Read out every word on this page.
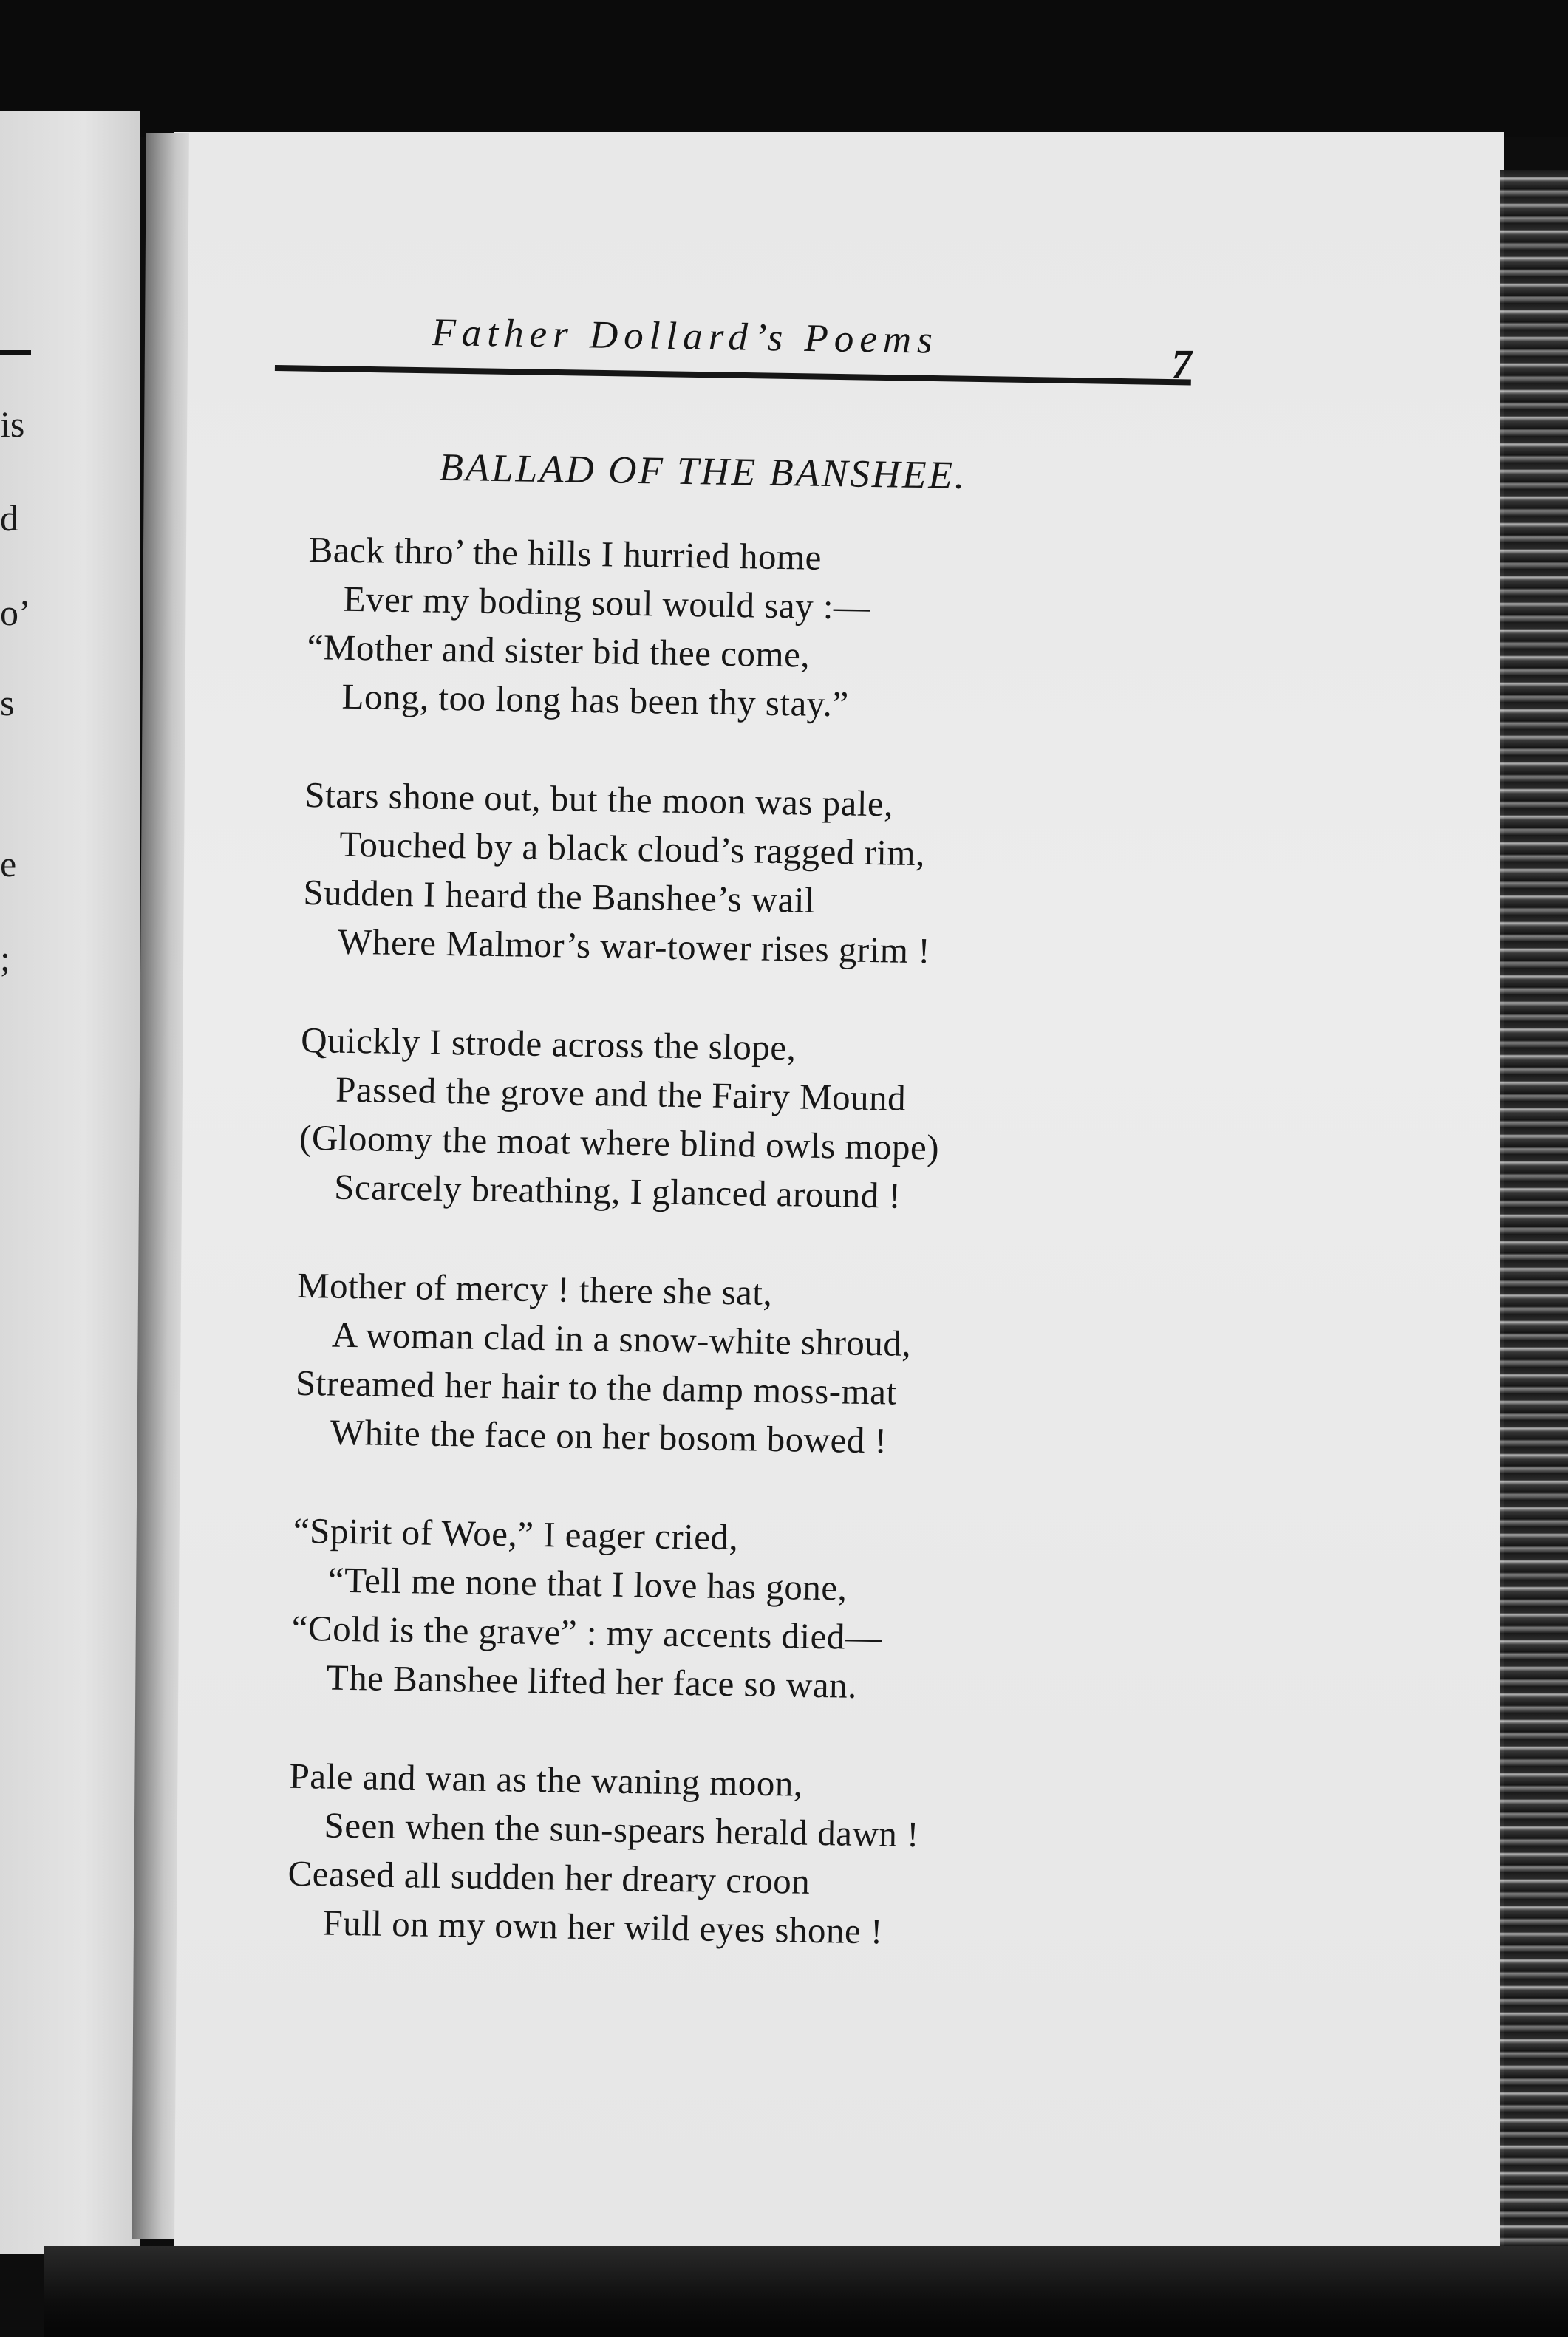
is
d
o’
s
e
;
Father Dollard’s Poems
7
BALLAD OF THE BANSHEE.
Back thro’ the hills I hurried home
Ever my boding soul would say :—
“Mother and sister bid thee come,
Long, too long has been thy stay.”
Stars shone out, but the moon was pale,
Touched by a black cloud’s ragged rim,
Sudden I heard the Banshee’s wail
Where Malmor’s war-tower rises grim !
Quickly I strode across the slope,
Passed the grove and the Fairy Mound
(Gloomy the moat where blind owls mope)
Scarcely breathing, I glanced around !
Mother of mercy ! there she sat,
A woman clad in a snow-white shroud,
Streamed her hair to the damp moss-mat
White the face on her bosom bowed !
“Spirit of Woe,” I eager cried,
“Tell me none that I love has gone,
“Cold is the grave” : my accents died—
The Banshee lifted her face so wan.
Pale and wan as the waning moon,
Seen when the sun-spears herald dawn !
Ceased all sudden her dreary croon
Full on my own her wild eyes shone !
